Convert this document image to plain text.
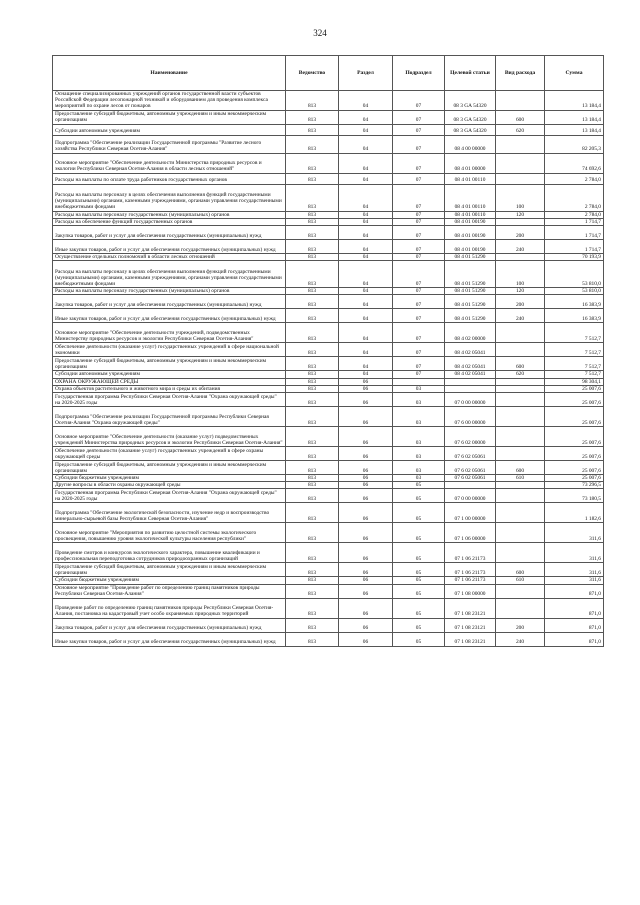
324
Наименование	Ведомство	Раздел	Подраздел	Целевой статьи	Вид расхода	Сумма
Оснащение специализированных учреждений органов государственной власти субъектов Российской Федерации лесопожарной техникой и оборудованием для проведения комплекса мероприятий по охране лесов от пожаров	813	04	07	08 3 GA 54320		13 184,4
Предоставление субсидий бюджетным, автономным учреждениям и иным некоммерческим организациям	813	04	07	08 3 GA 54320	600	13 184,4
Субсидии автономным учреждениям	813	04	07	08 3 GA 54320	620	13 184,4
Подпрограмма "Обеспечение реализации Государственной программы "Развитие лесного хозяйства Республики Северная Осетия-Алания"	813	04	07	08 4 00 00000		82 205,3
Основное мероприятие "Обеспечение деятельности Министерства природных ресурсов и экологии Республики Северная Осетия-Алания в области лесных отношений"	813	04	07	08 4 01 00000		74 692,6
Расходы на выплаты по оплате труда работников государственных органов	813	04	07	08 4 01 00110		2 784,0
Расходы на выплаты персоналу в целях обеспечения выполнения функций государственными (муниципальными) органами, казенными учреждениями, органами управления государственными внебюджетными фондами	813	04	07	08 4 01 00110	100	2 784,0
Расходы на выплаты персоналу государственных (муниципальных) органов	813	04	07	08 4 01 00110	120	2 784,0
Расходы на обеспечение функций государственных органов	813	04	07	08 4 01 00190		1 714,7
Закупка товаров, работ и услуг для обеспечения государственных (муниципальных) нужд	813	04	07	08 4 01 00190	200	1 714,7
Иные закупки товаров, работ и услуг для обеспечения государственных (муниципальных) нужд	813	04	07	08 4 01 00190	240	1 714,7
Осуществление отдельных полномочий в области лесных отношений	813	04	07	08 4 01 51290		70 193,9
Расходы на выплаты персоналу в целях обеспечения выполнения функций государственными (муниципальными) органами, казенными учреждениями, органами управления государственными внебюджетными фондами	813	04	07	08 4 01 51290	100	53 810,0
Расходы на выплаты персоналу государственных (муниципальных) органов	813	04	07	08 4 01 51290	120	53 810,0
Закупка товаров, работ и услуг для обеспечения государственных (муниципальных) нужд	813	04	07	08 4 01 51290	200	16 383,9
Иные закупки товаров, работ и услуг для обеспечения государственных (муниципальных) нужд	813	04	07	08 4 01 51290	240	16 383,9
Основное мероприятие "Обеспечение деятельности учреждений, подведомственных Министерству природных ресурсов и экологии Республики Северная Осетия-Алания"	813	04	07	08 4 02 00000		7 512,7
Обеспечение деятельности (оказание услуг) государственных учреждений в сфере национальной экономики	813	04	07	08 4 02 05041		7 512,7
Предоставление субсидий бюджетным, автономным учреждениям и иным некоммерческим организациям	813	04	07	08 4 02 05041	600	7 512,7
Субсидии автономным учреждениям	813	04	07	08 4 02 05041	620	7 512,7
ОХРАНА ОКРУЖАЮЩЕЙ СРЕДЫ	813	06				98 304,1
Охрана объектов растительного и животного мира и среды их обитания	813	06	03			25 007,6
Государственная программа Республики Северная Осетия-Алания "Охрана окружающей среды" на 2020-2025 годы	813	06	03	07 0 00 00000		25 007,6
Подпрограмма "Обеспечение реализации Государственной программы Республики Северная Осетия-Алания "Охрана окружающей среды"	813	06	03	07 6 00 00000		25 007,6
Основное мероприятие "Обеспечение деятельности (оказание услуг) подведомственных учреждений Министерства природных ресурсов и экологии Республики Северная Осетия-Алания"	813	06	03	07 6 02 00000		25 007,6
Обеспечение деятельности (оказание услуг) государственных учреждений в сфере охраны окружающей среды	813	06	03	07 6 02 05061		25 007,6
Предоставление субсидий бюджетным, автономным учреждениям и иным некоммерческим организациям	813	06	03	07 6 02 05061	600	25 007,6
Субсидии бюджетным учреждениям	813	06	03	07 6 02 05061	610	25 007,6
Другие вопросы в области охраны окружающей среды	813	06	05			73 296,5
Государственная программа Республики Северная Осетия-Алания "Охрана окружающей среды" на 2020-2025 годы	813	06	05	07 0 00 00000		73 180,5
Подпрограмма "Обеспечение экологической безопасности, изучение недр и воспроизводство минерально-сырьевой базы Республики Северная Осетия-Алания"	813	06	05	07 1 00 00000		1 182,6
Основное мероприятие "Мероприятия по развитию целостной системы экологического просвещения, повышению уровня экологической культуры населения республики"	813	06	05	07 1 06 00000		311,6
Проведение смотров и конкурсов экологического характера, повышение квалификации и профессиональная переподготовка сотрудников природоохранных организаций	813	06	05	07 1 06 21173		311,6
Предоставление субсидий бюджетным, автономным учреждениям и иным некоммерческим организациям	813	06	05	07 1 06 21173	600	311,6
Субсидии бюджетным учреждениям	813	06	05	07 1 06 21173	610	311,6
Основное мероприятие "Проведение работ по определению границ памятников природы Республики Северная Осетия-Алания"	813	06	05	07 1 08 00000		871,0
Проведение работ по определению границ памятников природы Республики Северная Осетия-Алания, постановка на кадастровый учет особо охраняемых природных территорий	813	06	05	07 1 08 23121		871,0
Закупка товаров, работ и услуг для обеспечения государственных (муниципальных) нужд	813	06	05	07 1 08 23121	200	871,0
Иные закупки товаров, работ и услуг для обеспечения государственных (муниципальных) нужд	813	06	05	07 1 08 23121	240	871,0
